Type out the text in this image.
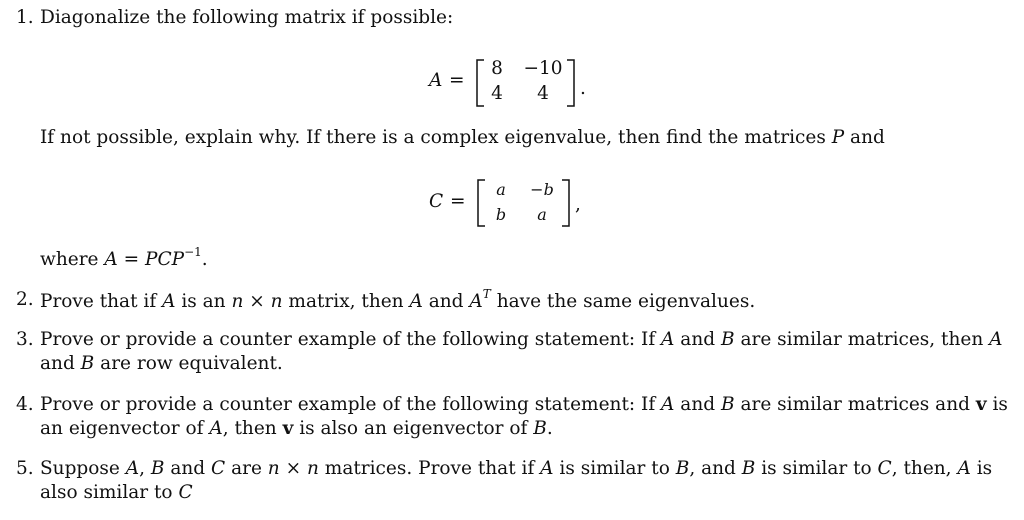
1. Diagonalize the following matrix if possible:
A =
8 −10
4	4	.
If not possible, explain why. If there is a complex eigenvalue, then find the matrices P and
C =
a	−b
b	a	,
where $A = PCP^{-1}$.
2. Prove that if A is an n × n matrix, then A and $A^T$ have the same eigenvalues.
3. Prove or provide a counter example of the following statement: If A and B are similar matrices, then A
and B are row equivalent.
4. Prove or provide a counter example of the following statement: If A and B are similar matrices and v is
an eigenvector of A, then v is also an eigenvector of B.
5. Suppose A, B and C are n × n matrices. Prove that if A is similar to B, and B is similar to C, then, A is
also similar to C
